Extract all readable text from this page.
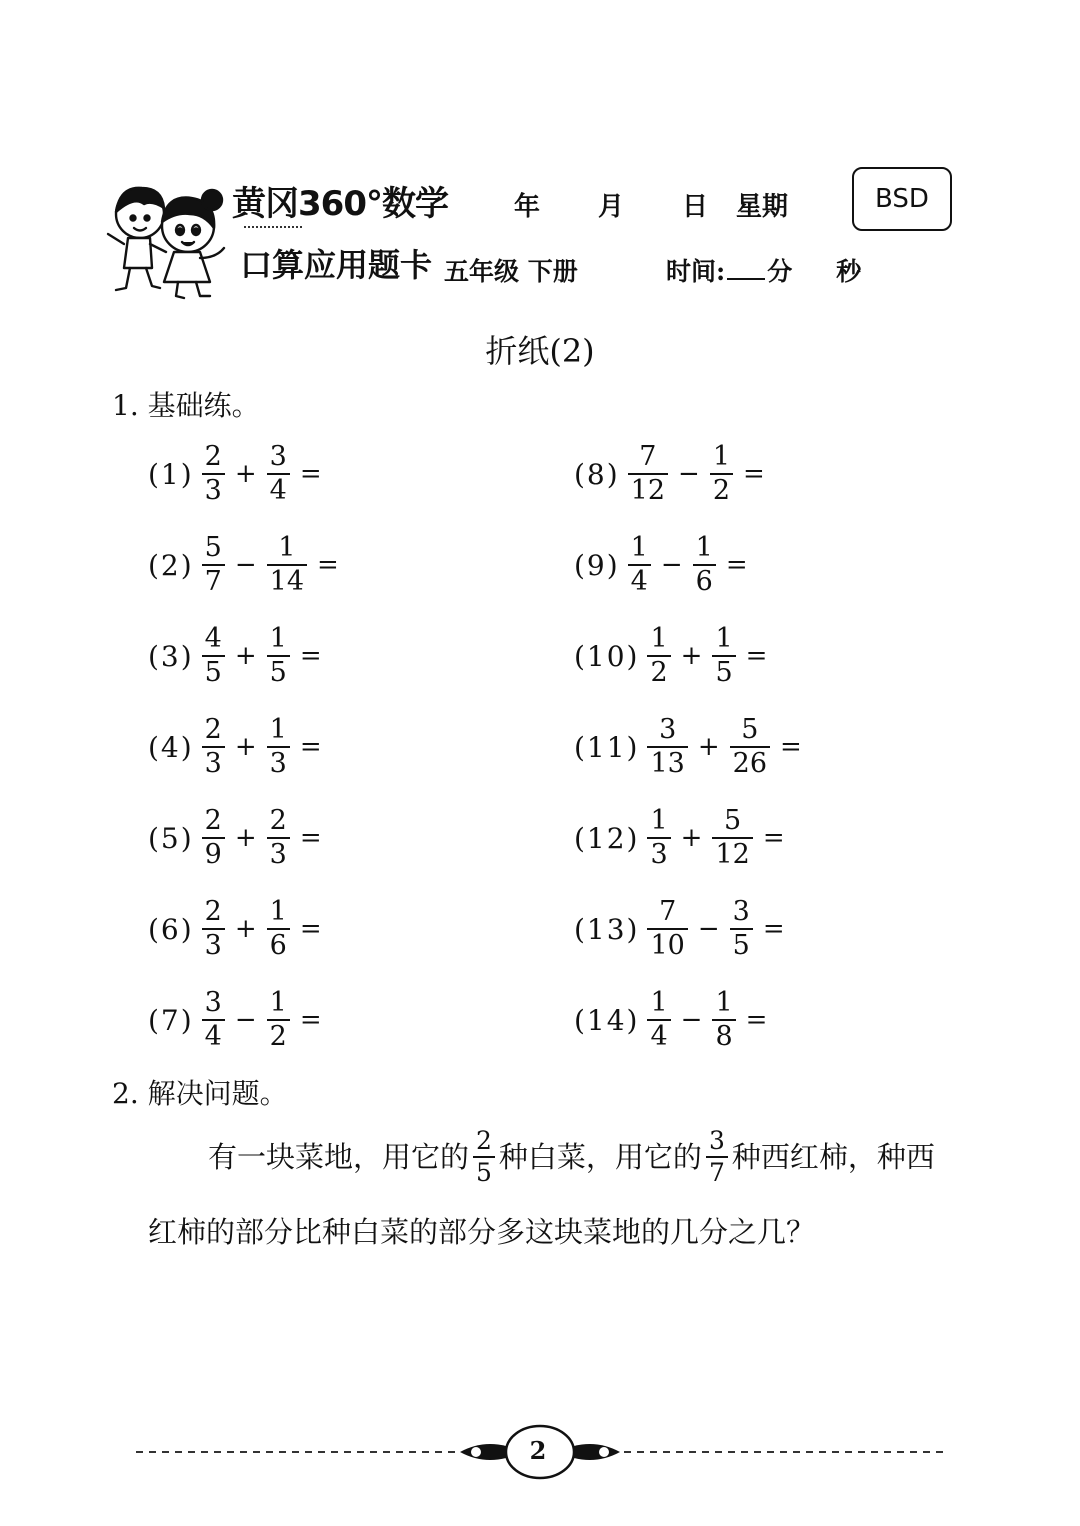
黄冈360°数学
口算应用题卡
年 月 日 星期	BSD
五年级 下册	时间: 分 秒
折纸(2)
1. 基础练。
$(1) \frac{2}{3} + \frac{3}{4}$ =
$(2) \frac{5}{7} - \frac{1}{14}$ =
$(3) \frac{4}{5} + \frac{1}{5}$ =
$(4) \frac{2}{3} + \frac{1}{3}$ =
$(5) \frac{2}{9} + \frac{2}{3}$ =
$(6) \frac{2}{3} + \frac{1}{6}$ =
$(7) \frac{3}{4} - \frac{1}{2}$ =
$(8) \frac{7}{12} - \frac{1}{2}$ =
$(9) \frac{1}{4} - \frac{1}{6}$ =
$(10) \frac{1}{2} + \frac{1}{5}$ =
$(11) \frac{3}{13} + \frac{5}{26}$ =
$(12) \frac{1}{3} + \frac{5}{12}$ =
$(13) \frac{7}{10} - \frac{3}{5}$ =
$(14) \frac{1}{4} - \frac{1}{8}$ =
2. 解决问题。
有一块菜地，用它的 $\frac{2}{5}$ 种白菜，用它的 $\frac{3}{7}$ 种西红柿，种西
红柿的部分比种白菜的部分多这块菜地的几分之几？
2
